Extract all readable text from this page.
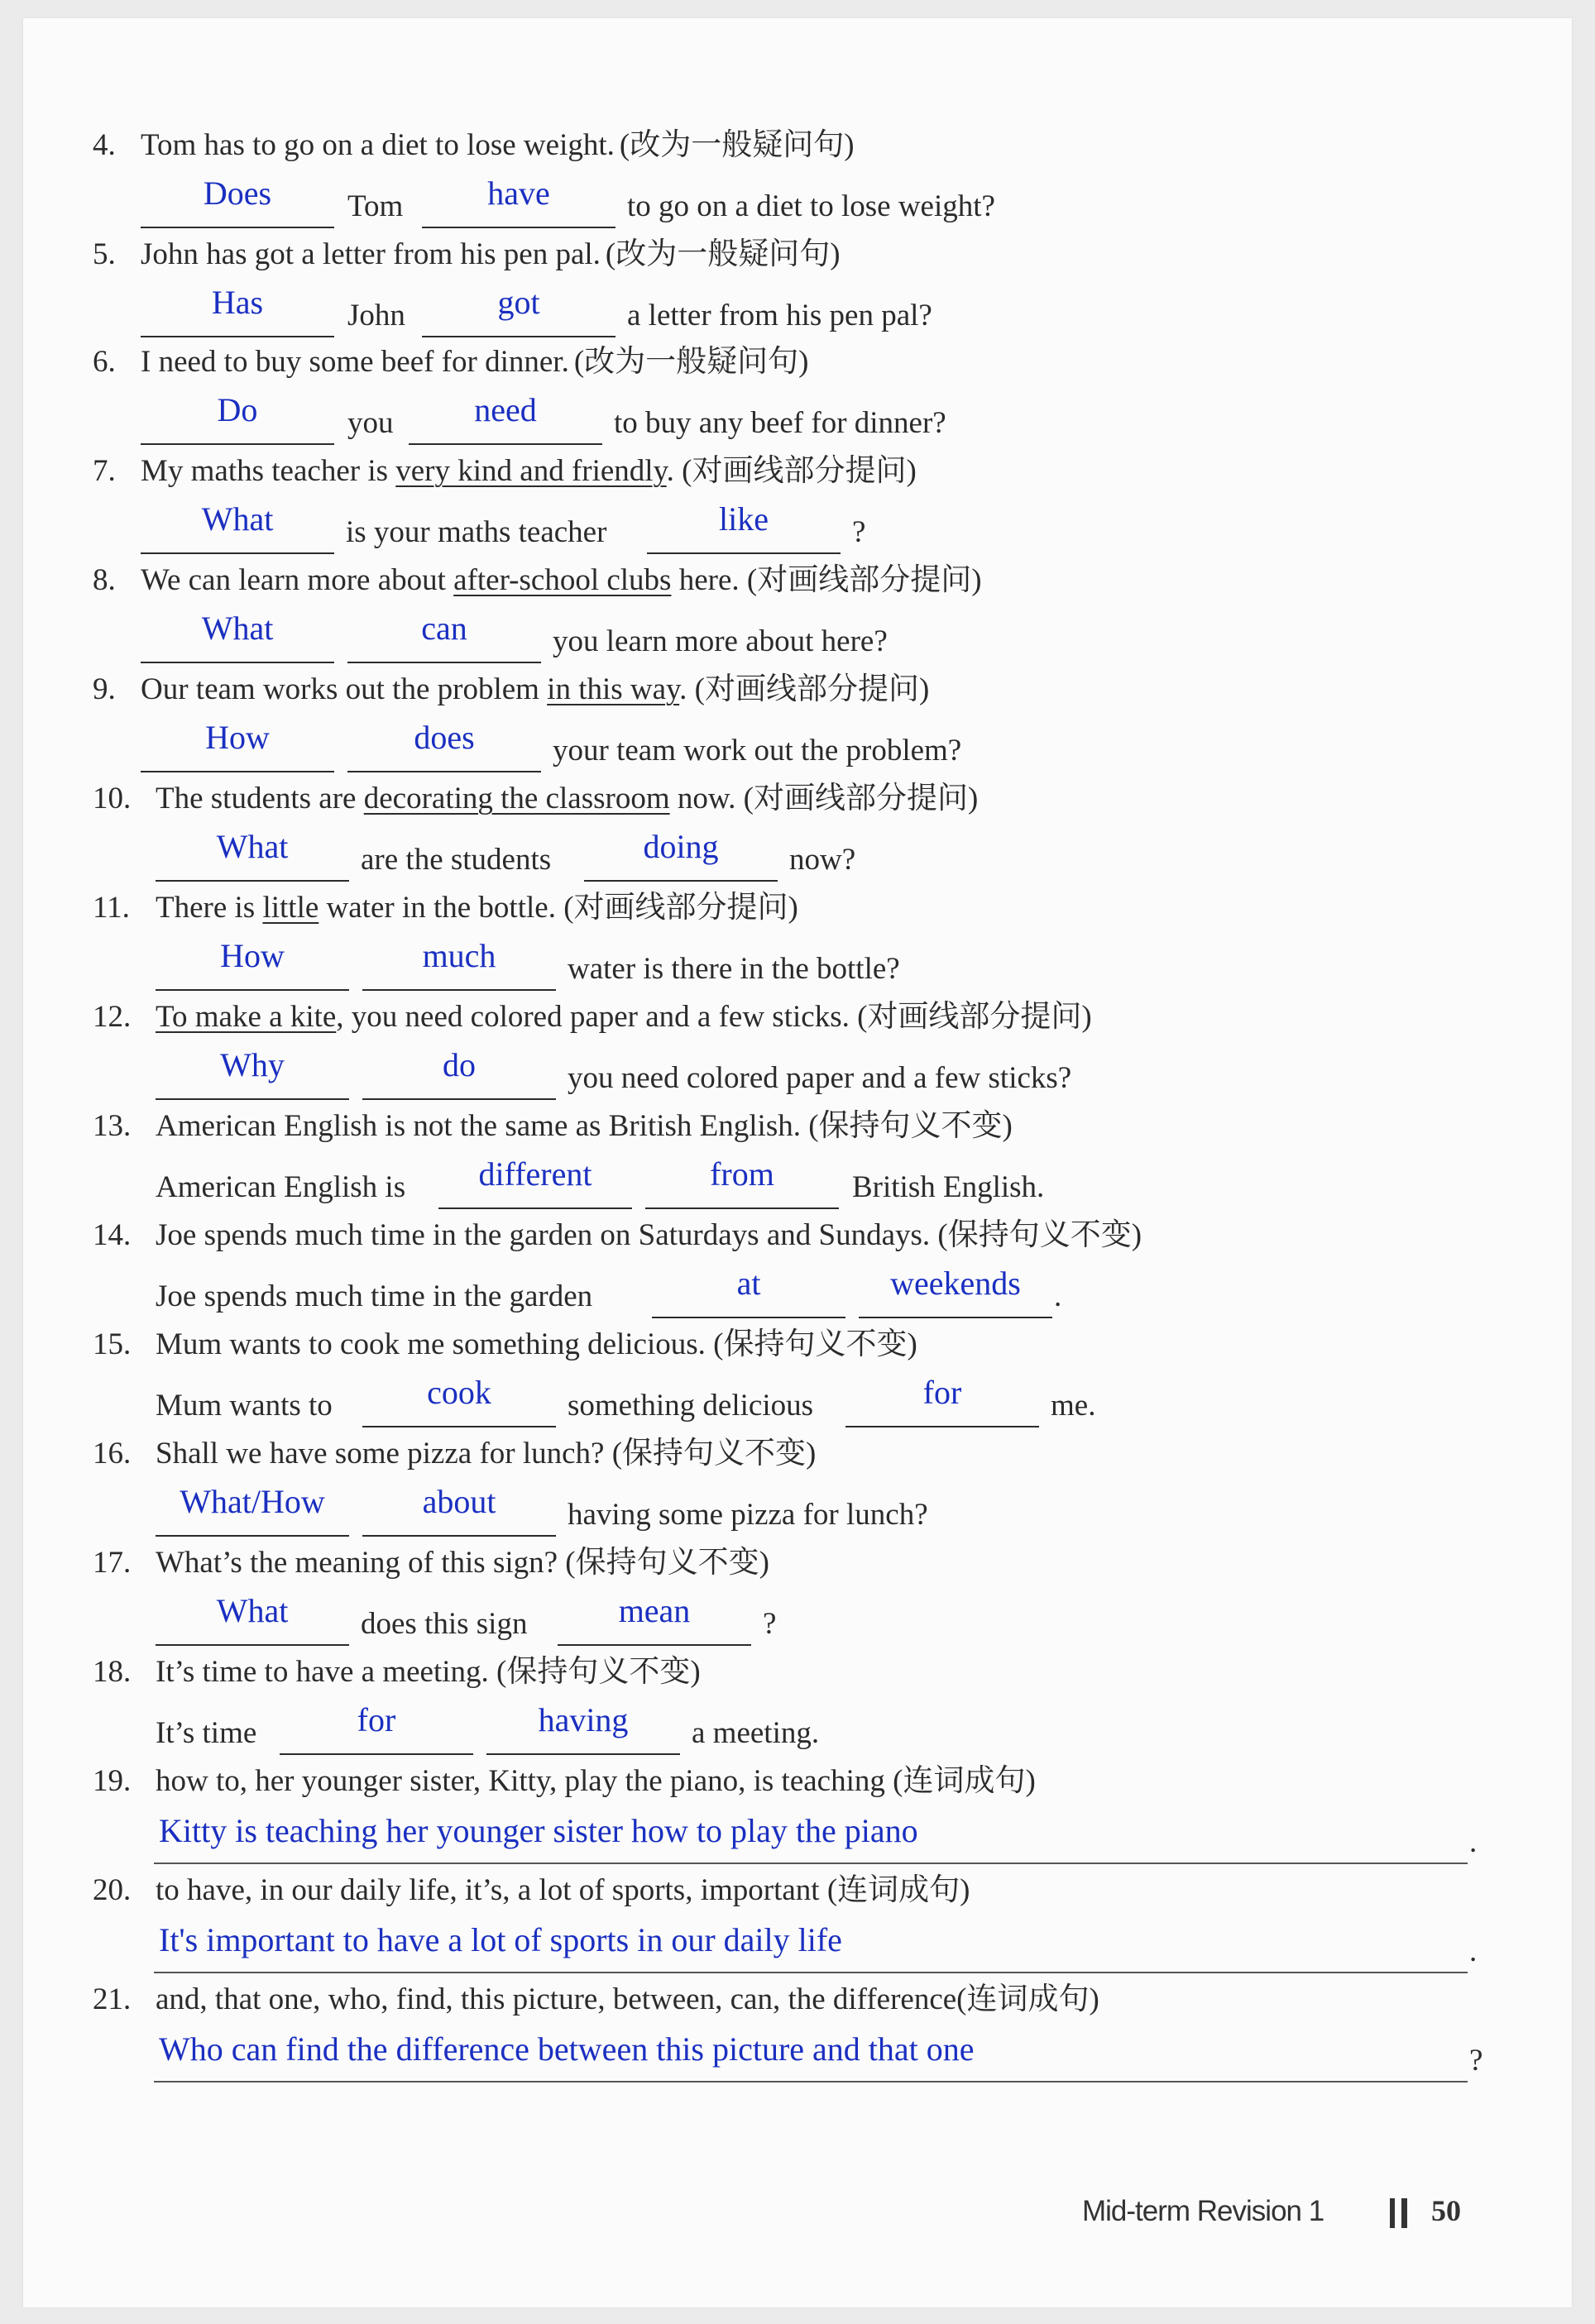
4. Tom has to go on a diet to lose weight. (改为一般疑问句)
Does	Tom	have	to go on a diet to lose weight?
5. John has got a letter from his pen pal. (改为一般疑问句)
Has	John	got	a letter from his pen pal?
6. I need to buy some beef for dinner. (改为一般疑问句)
Do	you	need	to buy any beef for dinner?
7. My maths teacher is very kind and friendly. (对画线部分提问)
What	is your maths teacher	like	?
8. We can learn more about after-school clubs here. (对画线部分提问)
What	can	you learn more about here?
9. Our team works out the problem in this way. (对画线部分提问)
How	does	your team work out the problem?
10. The students are decorating the classroom now. (对画线部分提问)
What	are the students	doing	now?
11. There is little water in the bottle. (对画线部分提问)
How	much	water is there in the bottle?
12. To make a kite, you need colored paper and a few sticks. (对画线部分提问)
Why	do	you need colored paper and a few sticks?
13. American English is not the same as British English. (保持句义不变)
American English is	different	from	British English.
14. Joe spends much time in the garden on Saturdays and Sundays. (保持句义不变)
Joe spends much time in the garden	at	weekends	.
15. Mum wants to cook me something delicious. (保持句义不变)
Mum wants to	cook	something delicious	for	me.
16. Shall we have some pizza for lunch? (保持句义不变)
What/How	about	having some pizza for lunch?
17. What’s the meaning of this sign? (保持句义不变)
What	does this sign	mean	?
18. It’s time to have a meeting. (保持句义不变)
It’s time	for	having	a meeting.
19. how to, her younger sister, Kitty, play the piano, is teaching (连词成句)
Kitty is teaching her younger sister how to play the piano	.
20. to have, in our daily life, it’s, a lot of sports, important (连词成句)
It's important to have a lot of sports in our daily life	.
21. and, that one, who, find, this picture, between, can, the difference(连词成句)
Who can find the difference between this picture and that one	?
Mid-term Revision 1	50
